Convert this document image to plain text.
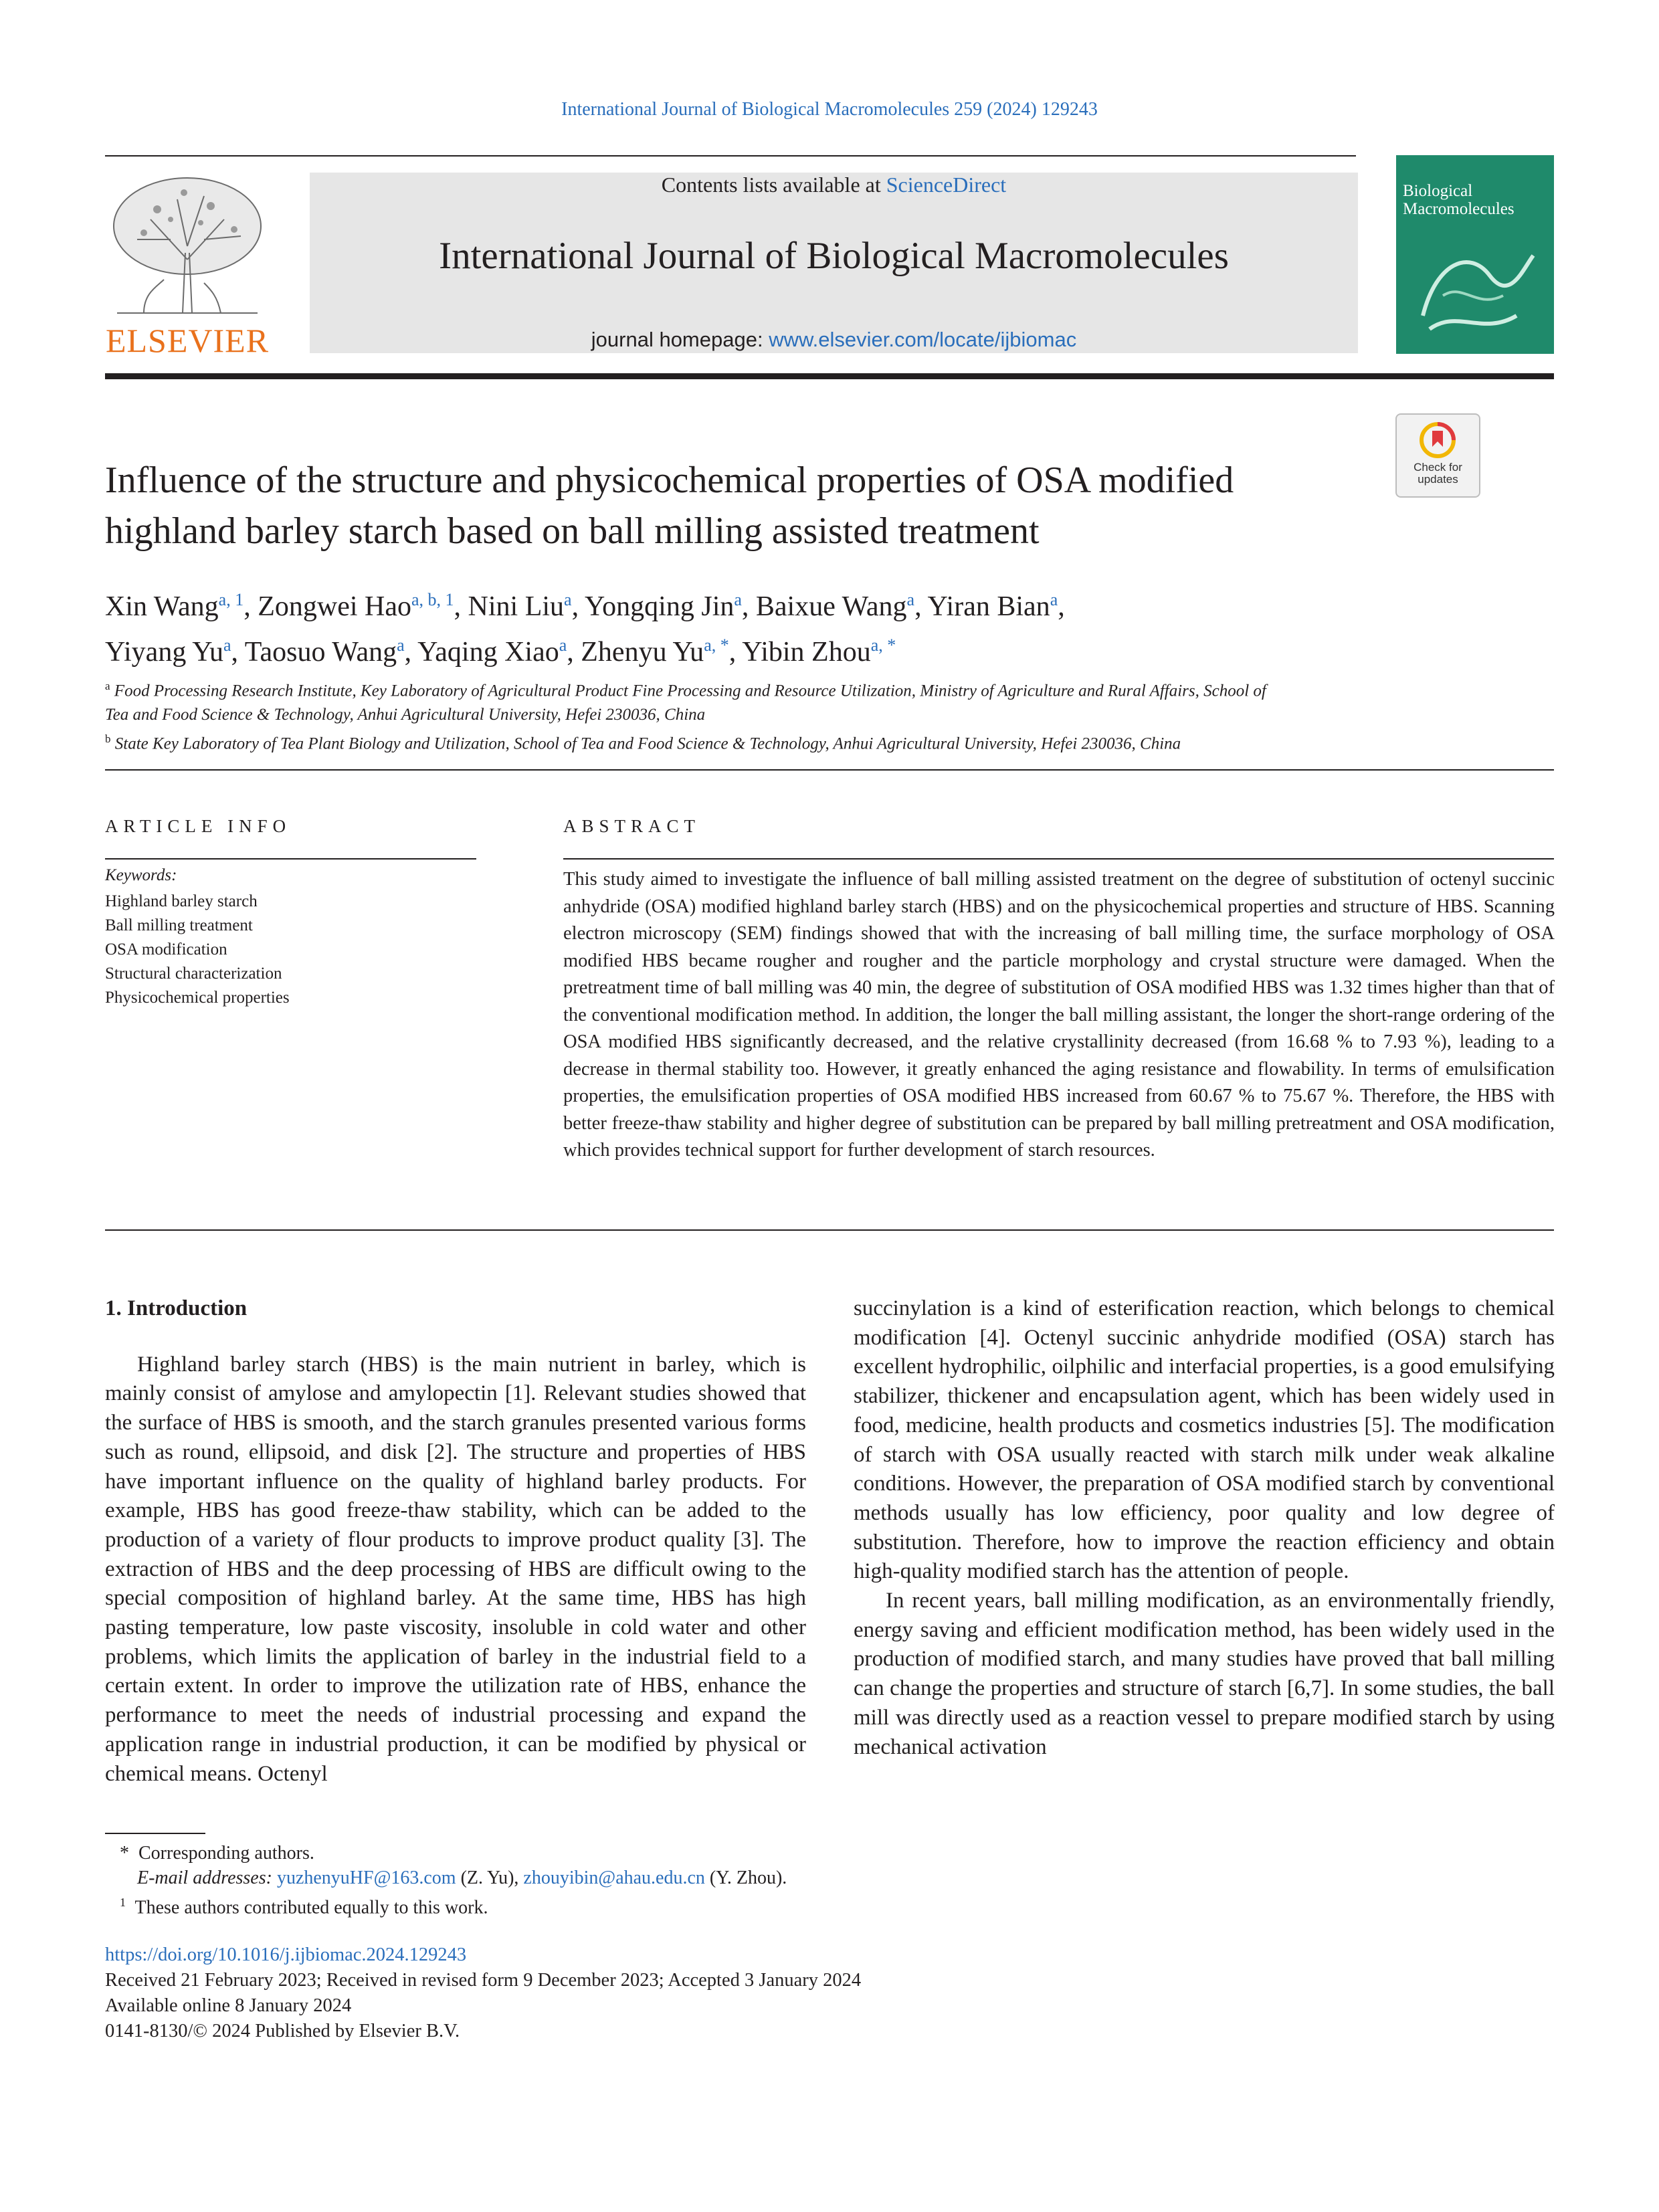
International Journal of Biological Macromolecules 259 (2024) 129243
ELSEVIER
Contents lists available at ScienceDirect
International Journal of Biological Macromolecules
journal homepage: www.elsevier.com/locate/ijbiomac
Biological Macromolecules
Check for updates
Influence of the structure and physicochemical properties of OSA modified
highland barley starch based on ball milling assisted treatment
Xin Wang$^{a, 1}$, Zongwei Hao$^{a, b, 1}$, Nini Liu$^a$, Yongqing Jin$^a$, Baixue Wang$^a$, Yiran Bian$^a$,
Yiyang Yu$^a$, Taosuo Wang$^a$, Yaqing Xiao$^a$, Zhenyu $Yu^{a, *}$, Yibin Zhou$^{a, *}$
$^a$ Food Processing Research Institute, Key Laboratory of Agricultural Product Fine Processing and Resource Utilization, Ministry of Agriculture and Rural Affairs, School of
Tea and Food Science & Technology, Anhui Agricultural University, Hefei 230036, China
$^b$ State Key Laboratory of Tea Plant Biology and Utilization, School of Tea and Food Science & Technology, Anhui Agricultural University, Hefei 230036, China
ARTICLE INFO
Keywords:
Highland barley starch
Ball milling treatment
OSA modification
Structural characterization
Physicochemical properties
ABSTRACT
This study aimed to investigate the influence of ball milling assisted treatment on the degree of substitution of octenyl succinic anhydride (OSA) modified highland barley starch (HBS) and on the physicochemical properties and structure of HBS. Scanning electron microscopy (SEM) findings showed that with the increasing of ball milling time, the surface morphology of OSA modified HBS became rougher and rougher and the particle morphology and crystal structure were damaged. When the pretreatment time of ball milling was 40 min, the degree of substitution of OSA modified HBS was 1.32 times higher than that of the conventional modification method. In addition, the longer the ball milling assistant, the longer the short-range ordering of the OSA modified HBS significantly decreased, and the relative crystallinity decreased (from 16.68 % to 7.93 %), leading to a decrease in thermal stability too. However, it greatly enhanced the aging resistance and flowability. In terms of emulsification properties, the emulsification properties of OSA modified HBS increased from 60.67 % to 75.67 %. Therefore, the HBS with better freeze-thaw stability and higher degree of substitution can be prepared by ball milling pretreatment and OSA modification, which provides technical support for further development of starch resources.
1. Introduction

Highland barley starch (HBS) is the main nutrient in barley, which is mainly consist of amylose and amylopectin [1]. Relevant studies showed that the surface of HBS is smooth, and the starch granules presented various forms such as round, ellipsoid, and disk [2]. The structure and properties of HBS have important influence on the quality of highland barley products. For example, HBS has good freeze-thaw stability, which can be added to the production of a variety of flour products to improve product quality [3]. The extraction of HBS and the deep processing of HBS are difficult owing to the special composition of highland barley. At the same time, HBS has high pasting temperature, low paste viscosity, insoluble in cold water and other problems, which limits the application of barley in the industrial field to a certain extent. In order to improve the utilization rate of HBS, enhance the performance to meet the needs of industrial processing and expand the application range in industrial production, it can be modified by physical or chemical means. Octenyl

succinylation is a kind of esterification reaction, which belongs to chemical modification [4]. Octenyl succinic anhydride modified (OSA) starch has excellent hydrophilic, oilphilic and interfacial properties, is a good emulsifying stabilizer, thickener and encapsulation agent, which has been widely used in food, medicine, health products and cosmetics industries [5]. The modification of starch with OSA usually reacted with starch milk under weak alkaline conditions. However, the preparation of OSA modified starch by conventional methods usually has low efficiency, poor quality and low degree of substitution. Therefore, how to improve the reaction efficiency and obtain high-quality modified starch has the attention of people.

In recent years, ball milling modification, as an environmentally friendly, energy saving and efficient modification method, has been widely used in the production of modified starch, and many studies have proved that ball milling can change the properties and structure of starch [6,7]. In some studies, the ball mill was directly used as a reaction vessel to prepare modified starch by using mechanical activation

* Corresponding authors.
E-mail addresses: yuzhenyuHF@163.com (Z. Yu), zhouyibin@ahau.edu.cn (Y. Zhou).
$^1$ These authors contributed equally to this work.
https://doi.org/10.1016/j.ijbiomac.2024.129243
Received 21 February 2023; Received in revised form 9 December 2023; Accepted 3 January 2024
Available online 8 January 2024
0141-8130/© 2024 Published by Elsevier B.V.
